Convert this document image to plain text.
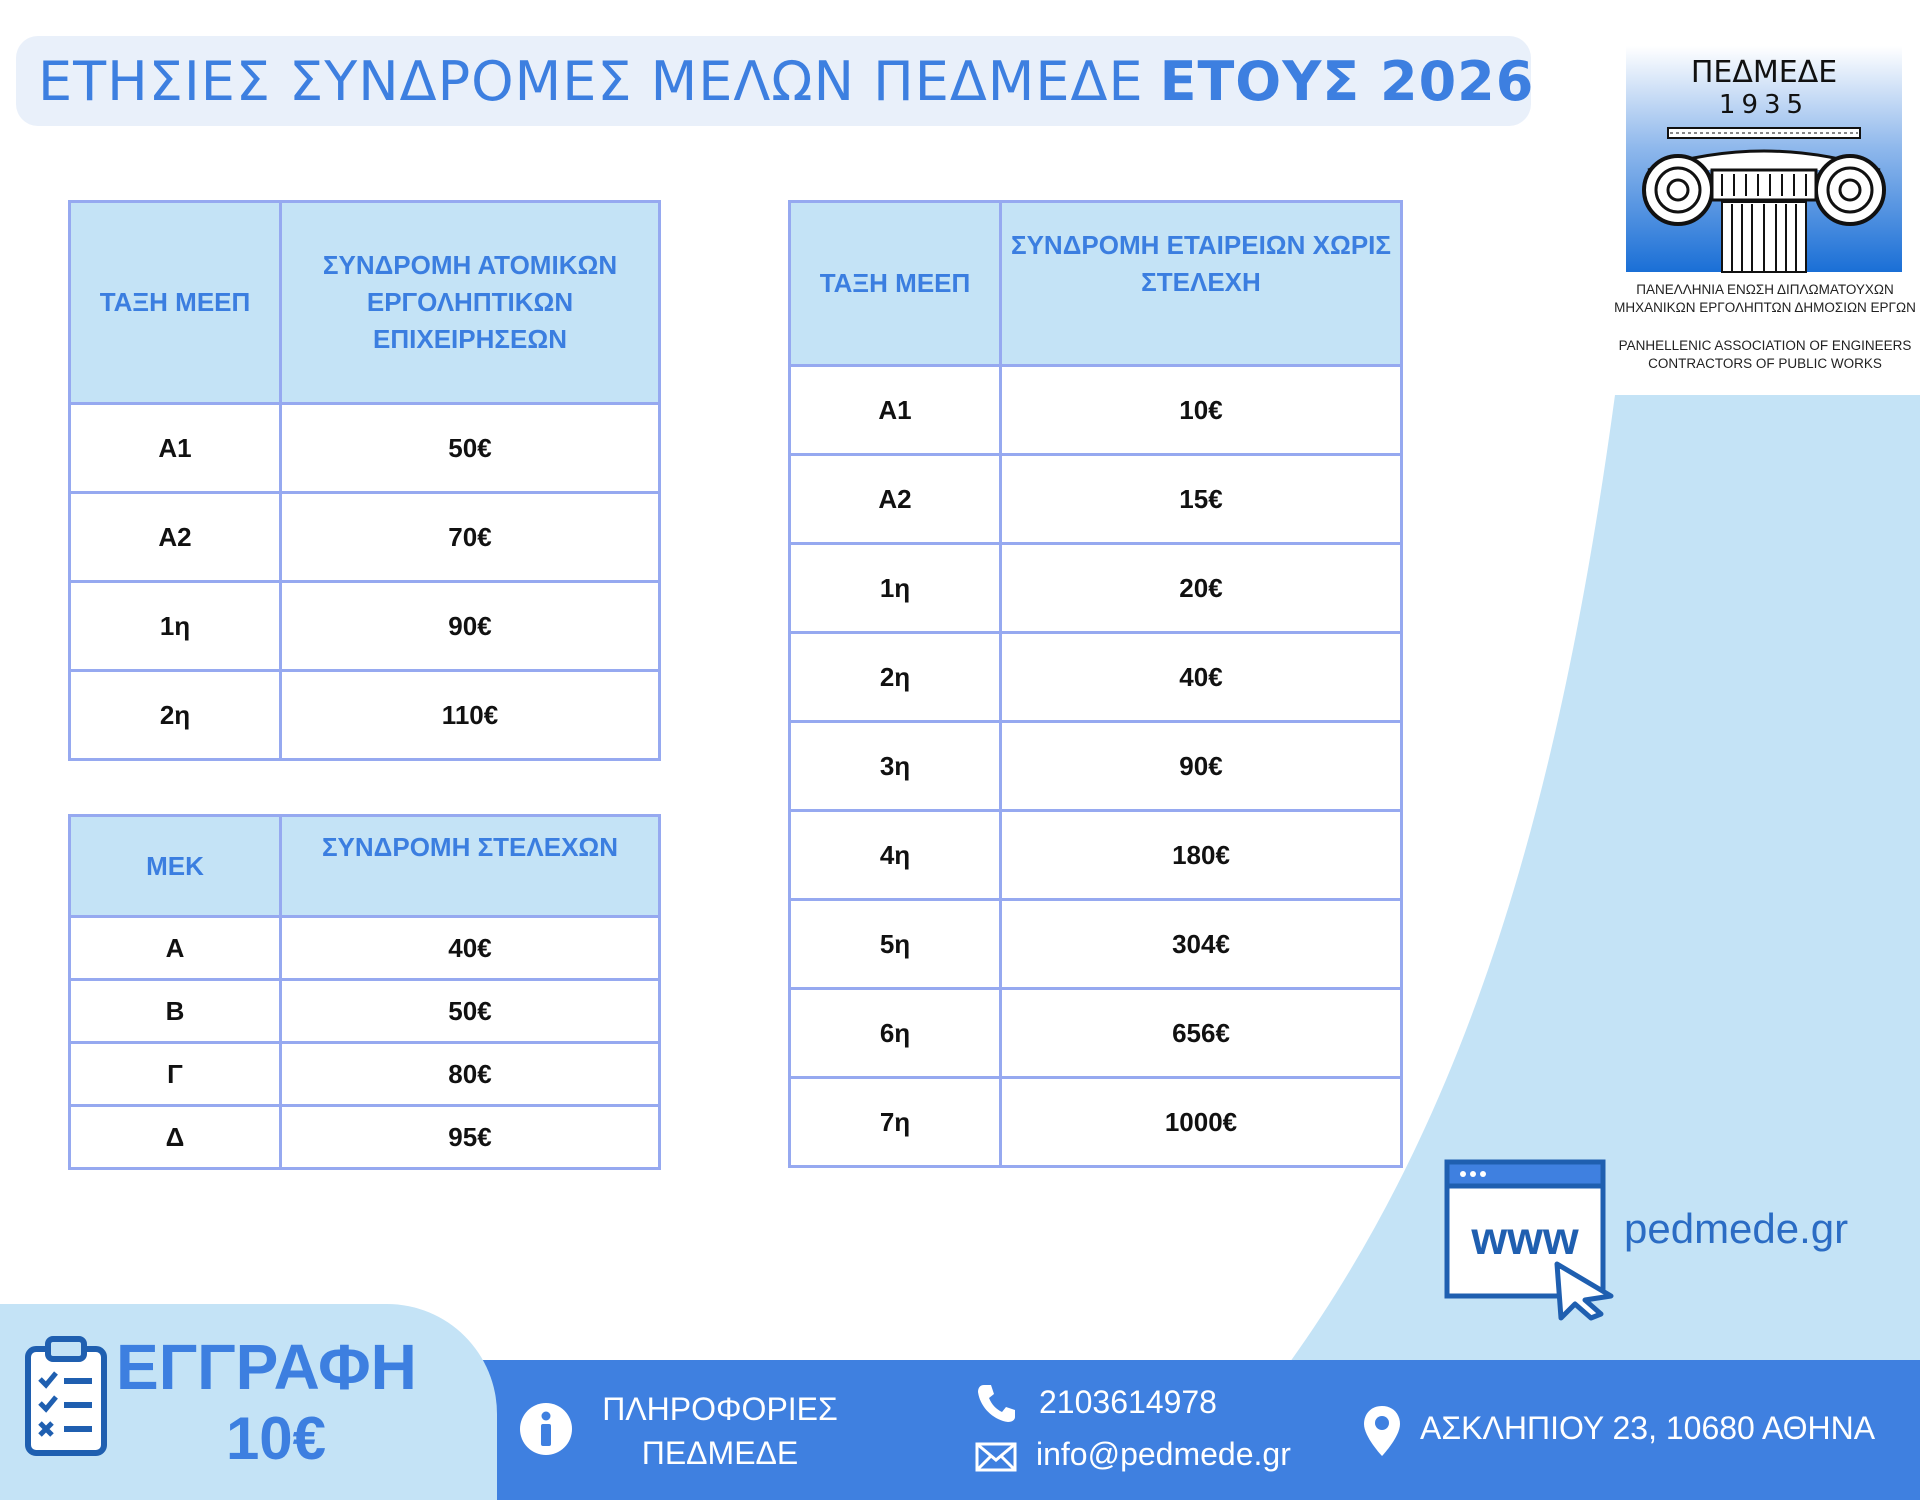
ΕΤΗΣΙΕΣ ΣΥΝΔΡΟΜΕΣ ΜΕΛΩΝ ΠΕΔΜΕΔΕ ΕΤΟΥΣ 2026	ΠΕΔΜΕΔΕ
1935
ΠΑΝΕΛΛΗΝΙΑ ΕΝΩΣΗ ΔΙΠΛΩΜΑΤΟΥΧΩΝ
ΜΗΧΑΝΙΚΩΝ ΕΡΓΟΛΗΠΤΩΝ ΔΗΜΟΣΙΩΝ ΕΡΓΩΝ
PANHELLENIC ASSOCIATION OF ENGINEERS
CONTRACTORS OF PUBLIC WORKS
ΤΑΞΗ ΜΕΕΠ	ΣΥΝΔΡΟΜΗ ΑΤΟΜΙΚΩΝ ΕΡΓΟΛΗΠΤΙΚΩΝ ΕΠΙΧΕΙΡΗΣΕΩΝ
Α1	50€
Α2	70€
1η	90€
2η	110€
ΜΕΚ	ΣΥΝΔΡΟΜΗ ΣΤΕΛΕΧΩΝ
Α	40€
Β	50€
Γ	80€
Δ	95€
ΤΑΞΗ ΜΕΕΠ	ΣΥΝΔΡΟΜΗ ΕΤΑΙΡΕΙΩΝ ΧΩΡΙΣ ΣΤΕΛΕΧΗ
Α1	10€
Α2	15€
1η	20€
2η	40€
3η	90€
4η	180€
5η	304€
6η	656€
7η	1000€
www pedmede.gr
ΕΓΓΡΑΦΗ
10€	ΠΛΗΡΟΦΟΡΙΕΣ
ΠΕΔΜΕΔΕ
2103614978
info@pedmede.gr
ΑΣΚΛΗΠΙΟΥ 23, 10680 ΑΘΗΝΑ
